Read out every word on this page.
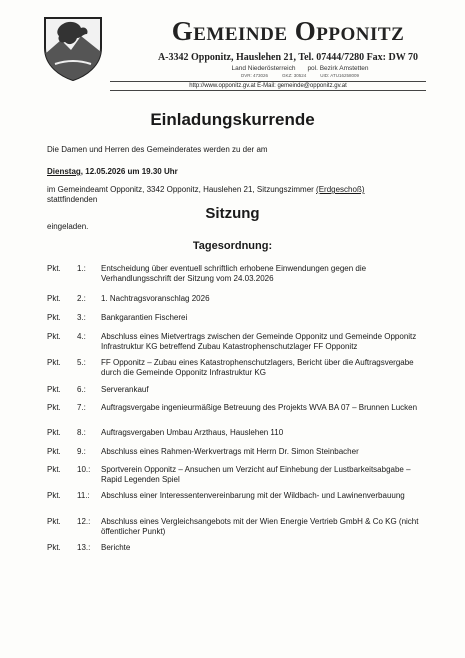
Gemeinde Opponitz
A-3342 Opponitz, Hauslehen 21, Tel. 07444/7280 Fax: DW 70
Land Niederösterreich pol. Bezirk Amstetten
DVR: 473026	GKZ: 30524	UID: ATU16258009
http://www.opponitz.gv.at E-Mail: gemeinde@opponitz.gv.at
Einladungskurrende
Die Damen und Herren des Gemeinderates werden zu der am
Dienstag, 12.05.2026 um 19.30 Uhr
im Gemeindeamt Opponitz, 3342 Opponitz, Hauslehen 21, Sitzungszimmer (Erdgeschoß)
stattfindenden
Sitzung
eingeladen.
Tagesordnung:
Pkt.	1.:	Entscheidung über eventuell schriftlich erhobene Einwendungen gegen die Verhandlungsschrift der Sitzung vom 24.03.2026
Pkt.	2.:	1. Nachtragsvoranschlag 2026
Pkt.	3.:	Bankgarantien Fischerei
Pkt.	4.:	Abschluss eines Mietvertrags zwischen der Gemeinde Opponitz und Gemeinde Opponitz Infrastruktur KG betreffend Zubau Katastrophenschutzlager FF Opponitz
Pkt.	5.:	FF Opponitz – Zubau eines Katastrophenschutzlagers, Bericht über die Auftragsvergabe durch die Gemeinde Opponitz Infrastruktur KG
Pkt.	6.:	Serverankauf
Pkt.	7.:	Auftragsvergabe ingenieurmäßige Betreuung des Projekts WVA BA 07 – Brunnen Lucken
Pkt.	8.:	Auftragsvergaben Umbau Arzthaus, Hauslehen 110
Pkt.	9.:	Abschluss eines Rahmen-Werkvertrags mit Herrn Dr. Simon Steinbacher
Pkt.	10.:	Sportverein Opponitz – Ansuchen um Verzicht auf Einhebung der Lustbarkeitsabgabe – Rapid Legenden Spiel
Pkt.	11.:	Abschluss einer Interessentenvereinbarung mit der Wildbach- und Lawinenverbauung
Pkt.	12.:	Abschluss eines Vergleichsangebots mit der Wien Energie Vertrieb GmbH & Co KG (nicht öffentlicher Punkt)
Pkt.	13.:	Berichte
